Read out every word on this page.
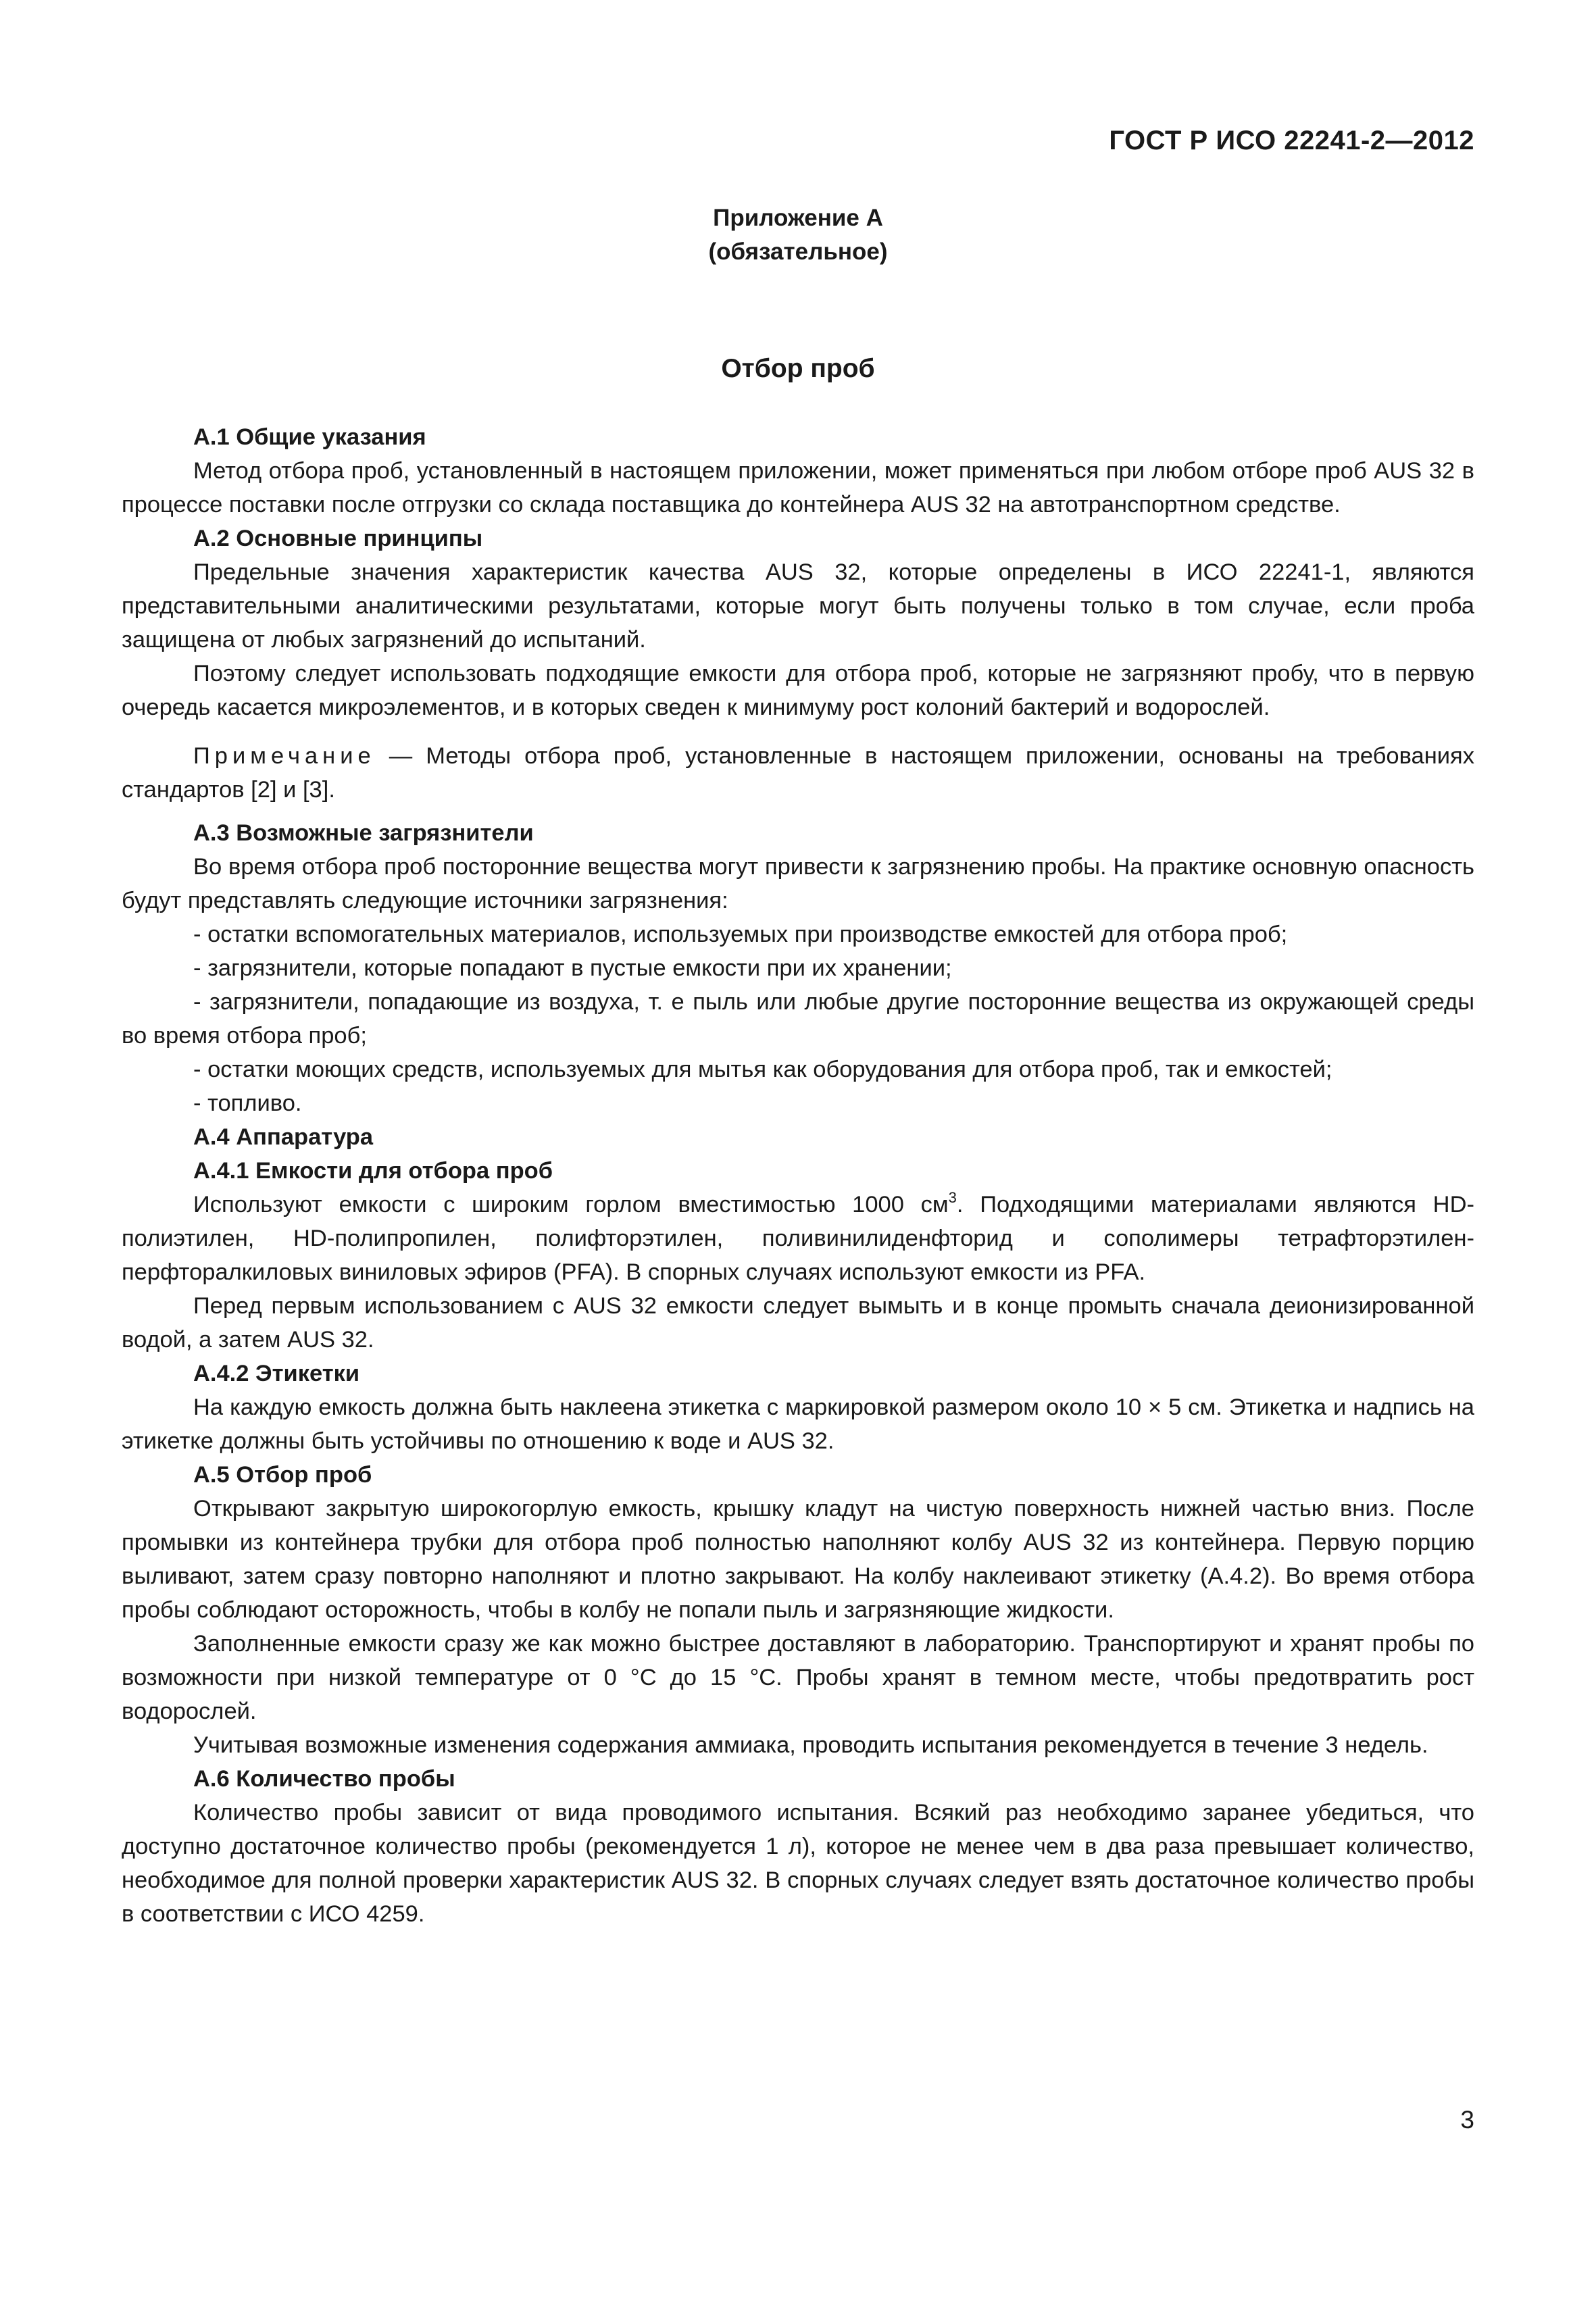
ГОСТ Р ИСО 22241-2—2012
Приложение А
(обязательное)
Отбор проб
А.1 Общие указания

Метод отбора проб, установленный в настоящем приложении, может применяться при любом отборе проб AUS 32 в процессе поставки после отгрузки со склада поставщика до контейнера AUS 32 на автотранспортном средстве.

А.2 Основные принципы

Предельные значения характеристик качества AUS 32, которые определены в ИСО 22241-1, являются представительными аналитическими результатами, которые могут быть получены только в том случае, если проба защищена от любых загрязнений до испытаний.

Поэтому следует использовать подходящие емкости для отбора проб, которые не загрязняют пробу, что в первую очередь касается микроэлементов, и в которых сведен к минимуму рост колоний бактерий и водорослей.

Примечание — Методы отбора проб, установленные в настоящем приложении, основаны на требованиях стандартов [2] и [3].

А.3 Возможные загрязнители

Во время отбора проб посторонние вещества могут привести к загрязнению пробы. На практике основную опасность будут представлять следующие источники загрязнения:

- остатки вспомогательных материалов, используемых при производстве емкостей для отбора проб;

- загрязнители, которые попадают в пустые емкости при их хранении;

- загрязнители, попадающие из воздуха, т. е пыль или любые другие посторонние вещества из окружающей среды во время отбора проб;

- остатки моющих средств, используемых для мытья как оборудования для отбора проб, так и емкостей;

- топливо.

А.4 Аппаратура
А.4.1 Емкости для отбора проб

Используют емкости с широким горлом вместимостью 1000 $см^3$. Подходящими материалами являются HD-полиэтилен, HD-полипропилен, полифторэтилен, поливинилиденфторид и сополимеры тетрафторэтилен-перфторалкиловых виниловых эфиров (PFA). В спорных случаях используют емкости из PFA.

Перед первым использованием с AUS 32 емкости следует вымыть и в конце промыть сначала деионизированной водой, а затем AUS 32.

А.4.2 Этикетки

На каждую емкость должна быть наклеена этикетка с маркировкой размером около 10 × 5 см. Этикетка и надпись на этикетке должны быть устойчивы по отношению к воде и AUS 32.

А.5 Отбор проб

Открывают закрытую широкогорлую емкость, крышку кладут на чистую поверхность нижней частью вниз. После промывки из контейнера трубки для отбора проб полностью наполняют колбу AUS 32 из контейнера. Первую порцию выливают, затем сразу повторно наполняют и плотно закрывают. На колбу наклеивают этикетку (А.4.2). Во время отбора пробы соблюдают осторожность, чтобы в колбу не попали пыль и загрязняющие жидкости.

Заполненные емкости сразу же как можно быстрее доставляют в лабораторию. Транспортируют и хранят пробы по возможности при низкой температуре от 0 °C до 15 °C. Пробы хранят в темном месте, чтобы предотвратить рост водорослей.

Учитывая возможные изменения содержания аммиака, проводить испытания рекомендуется в течение 3 недель.

А.6 Количество пробы

Количество пробы зависит от вида проводимого испытания. Всякий раз необходимо заранее убедиться, что доступно достаточное количество пробы (рекомендуется 1 л), которое не менее чем в два раза превышает количество, необходимое для полной проверки характеристик AUS 32. В спорных случаях следует взять достаточное количество пробы в соответствии с ИСО 4259.

3
